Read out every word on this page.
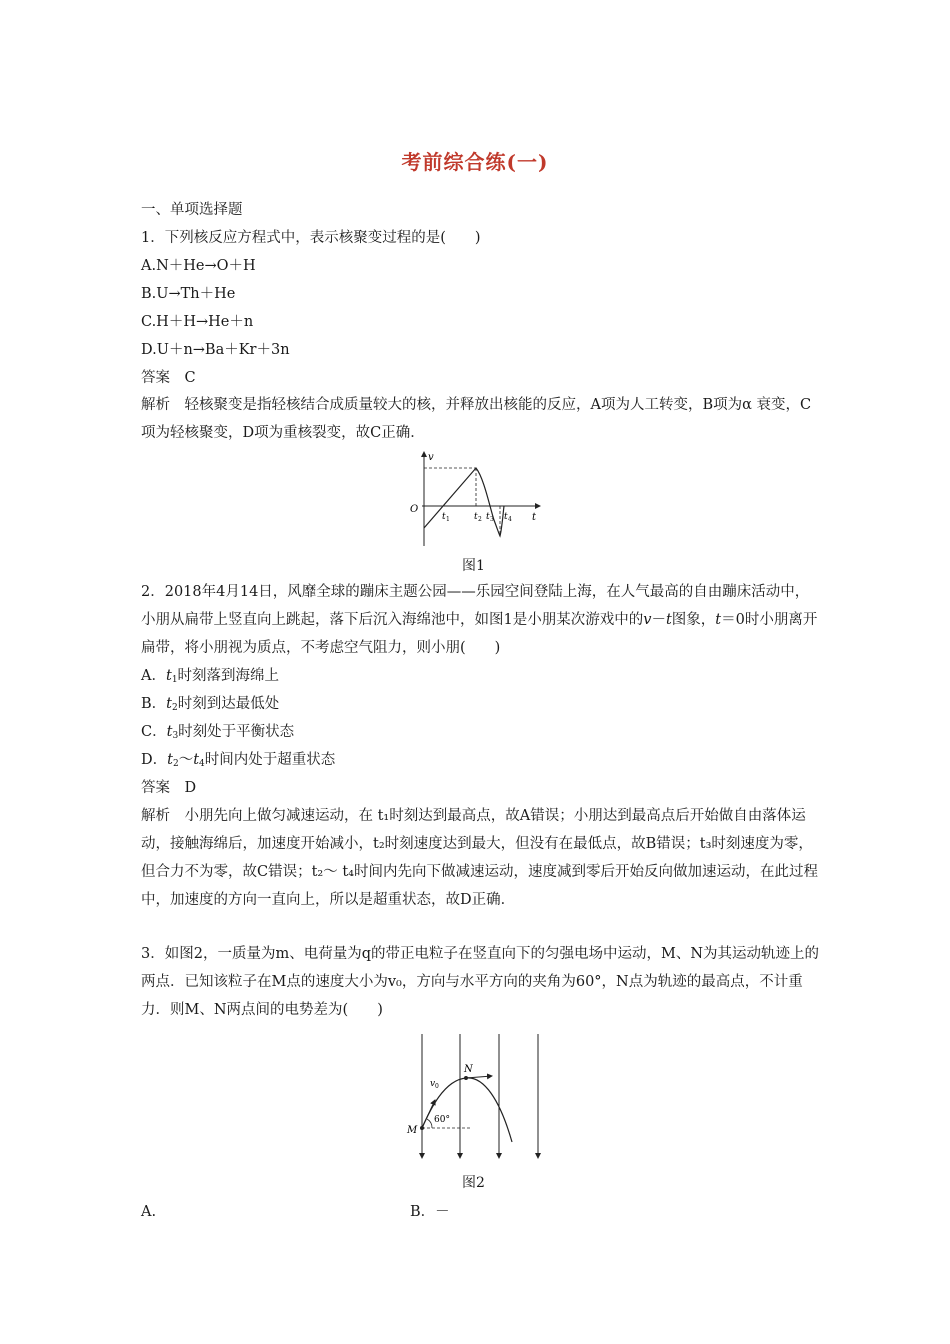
考前综合练(一)
一、单项选择题
1．下列核反应方程式中，表示核聚变过程的是(　　)
A.N＋He→O＋H
B.U→Th＋He
C.H＋H→He＋n
D.U＋n→Ba＋Kr＋3n
答案　C
解析　轻核聚变是指轻核结合成质量较大的核，并释放出核能的反应，A项为人工转变，B项为α 衰变，C项为轻核聚变，D项为重核裂变，故C正确．
v
O
t 1	t 2 t 3 t 4 t
图1
2．2018年4月14日，风靡全球的蹦床主题公园——乐园空间登陆上海，在人气最高的自由蹦床活动中，小朋从扁带上竖直向上跳起，落下后沉入海绵池中，如图1是小朋某次游戏中的v－t图象，t＝0时小朋离开扁带，将小朋视为质点，不考虑空气阻力，则小朋(　　)
A．$t_1$时刻落到海绵上
B．$t_2$时刻到达最低处
C．$t_3$时刻处于平衡状态
D．$t_2\sim t_4$时间内处于超重状态
答案　D
解析　小朋先向上做匀减速运动，在 t₁时刻达到最高点，故A错误；小朋达到最高点后开始做自由落体运动，接触海绵后，加速度开始减小，t₂时刻速度达到最大，但没有在最低点，故B错误；t₃时刻速度为零，但合力不为零，故C错误；t₂～ t₄时间内先向下做减速运动，速度减到零后开始反向做加速运动，在此过程中，加速度的方向一直向上，所以是超重状态，故D正确．
3．如图2，一质量为m、电荷量为q的带正电粒子在竖直向下的匀强电场中运动，M、N为其运动轨迹上的两点．已知该粒子在M点的速度大小为v₀，方向与水平方向的夹角为60°，N点为轨迹的最高点，不计重力．则M、N两点间的电势差为(　　)
M
N
v 0
60°
图2
A.	B．－
